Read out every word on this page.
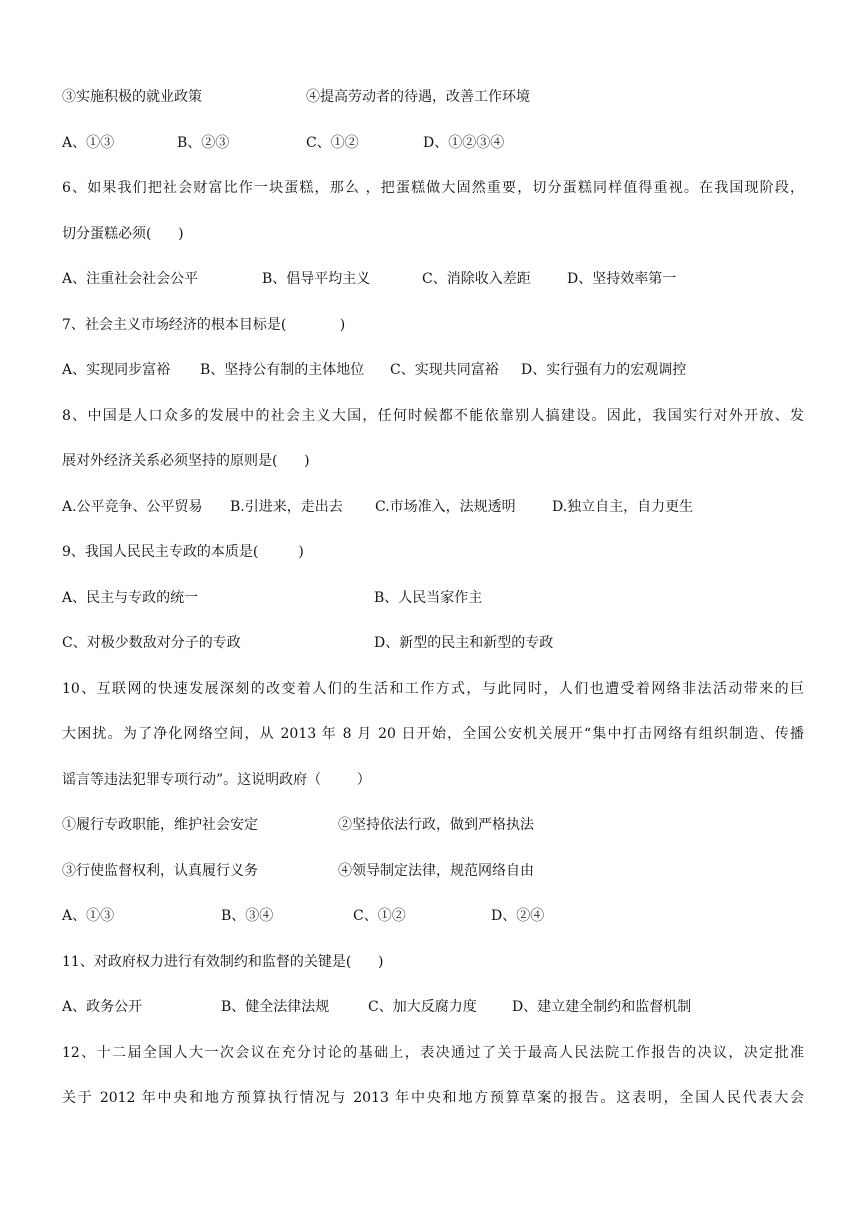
③实施积极的就业政策	④提高劳动者的待遇，改善工作环境
A、①③	B、②③	C、①②	D、①②③④
6、如果我们把社会财富比作一块蛋糕，那么 ，把蛋糕做大固然重要，切分蛋糕同样值得重视。在我国现阶段，
切分蛋糕必须(      )
A、注重社会社会公平	B、倡导平均主义	C、消除收入差距	D、坚持效率第一
7、社会主义市场经济的根本目标是(            )
A、实现同步富裕 B、坚持公有制的主体地位 C、实现共同富裕 D、实行强有力的宏观调控
8、中国是人口众多的发展中的社会主义大国，任何时候都不能依靠别人搞建设。因此，我国实行对外开放、发
展对外经济关系必须坚持的原则是(      )
A.公平竞争、公平贸易 B.引进来，走出去 C.市场准入，法规透明	D.独立自主，自力更生
9、我国人民民主专政的本质是(         )
A、民主与专政的统一	B、人民当家作主
C、对极少数敌对分子的专政	D、新型的民主和新型的专政
10、互联网的快速发展深刻的改变着人们的生活和工作方式，与此同时，人们也遭受着网络非法活动带来的巨
大困扰。为了净化网络空间，从 2013 年 8 月 20 日开始，全国公安机关展开“集中打击网络有组织制造、传播
谣言等违法犯罪专项行动”。这说明政府（        ）
①履行专政职能，维护社会安定	②坚持依法行政，做到严格执法
③行使监督权利，认真履行义务	④领导制定法律，规范网络自由
A、①③	B、③④	C、①②	D、②④
11、对政府权力进行有效制约和监督的关键是(      )
A、政务公开	B、健全法律法规	C、加大反腐力度	D、建立建全制约和监督机制
12、十二届全国人大一次会议在充分讨论的基础上，表决通过了关于最高人民法院工作报告的决议，决定批准
关于 2012 年中央和地方预算执行情况与 2013 年中央和地方预算草案的报告。这表明，全国人民代表大会
